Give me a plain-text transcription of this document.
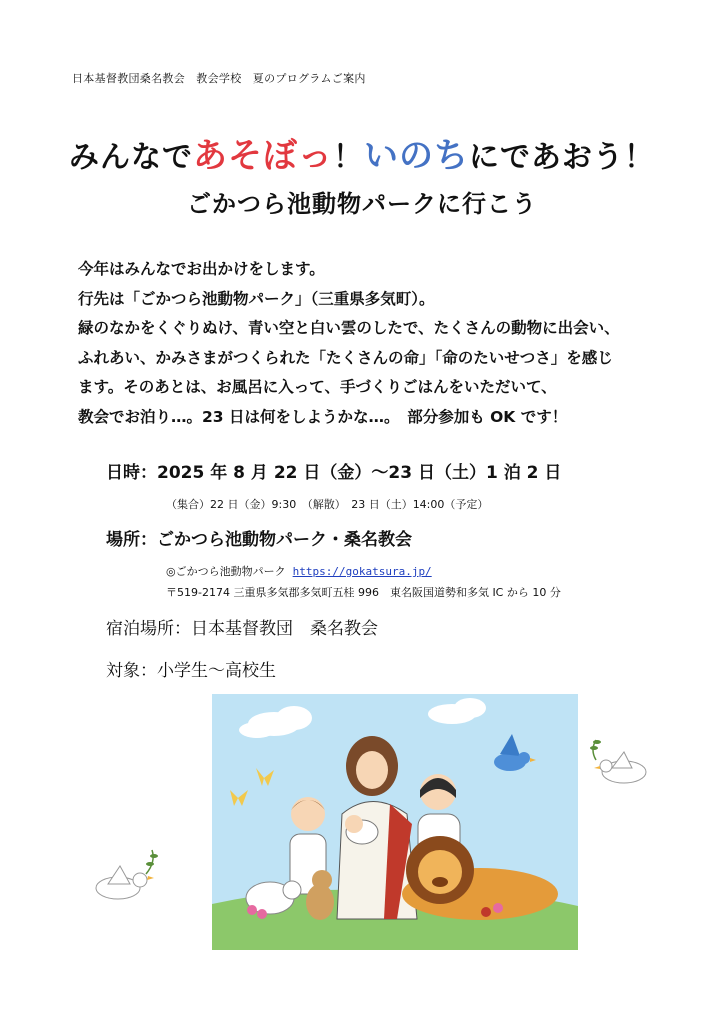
日本基督教団桑名教会　教会学校　夏のプログラムご案内
みんなであそぼっ！いのちにであおう！
ごかつら池動物パークに行こう

今年はみんなでお出かけをします。

行先は「ごかつら池動物パーク」（三重県多気町）。

緑のなかをくぐりぬけ、青い空と白い雲のしたで、たくさんの動物に出会い、

ふれあい、かみさまがつくられた「たくさんの命」「命のたいせつさ」を感じ

ます。そのあとは、お風呂に入って、手づくりごはんをいただいて、

教会でお泊り…。23 日は何をしようかな…。　部分参加も OK です！

日時：2025 年 8 月 22 日（金）～23 日（土）1 泊 2 日
（集合）22 日（金）9:30　（解散）　23 日（土）14:00（予定）
場所：ごかつら池動物パーク・桑名教会
◎ごかつら池動物パーク https://gokatsura.jp/
〒519-2174 三重県多気郡多気町五桂 996　東名阪国道勢和多気 IC から 10 分
宿泊場所：日本基督教団　桑名教会
対象：小学生～高校生
